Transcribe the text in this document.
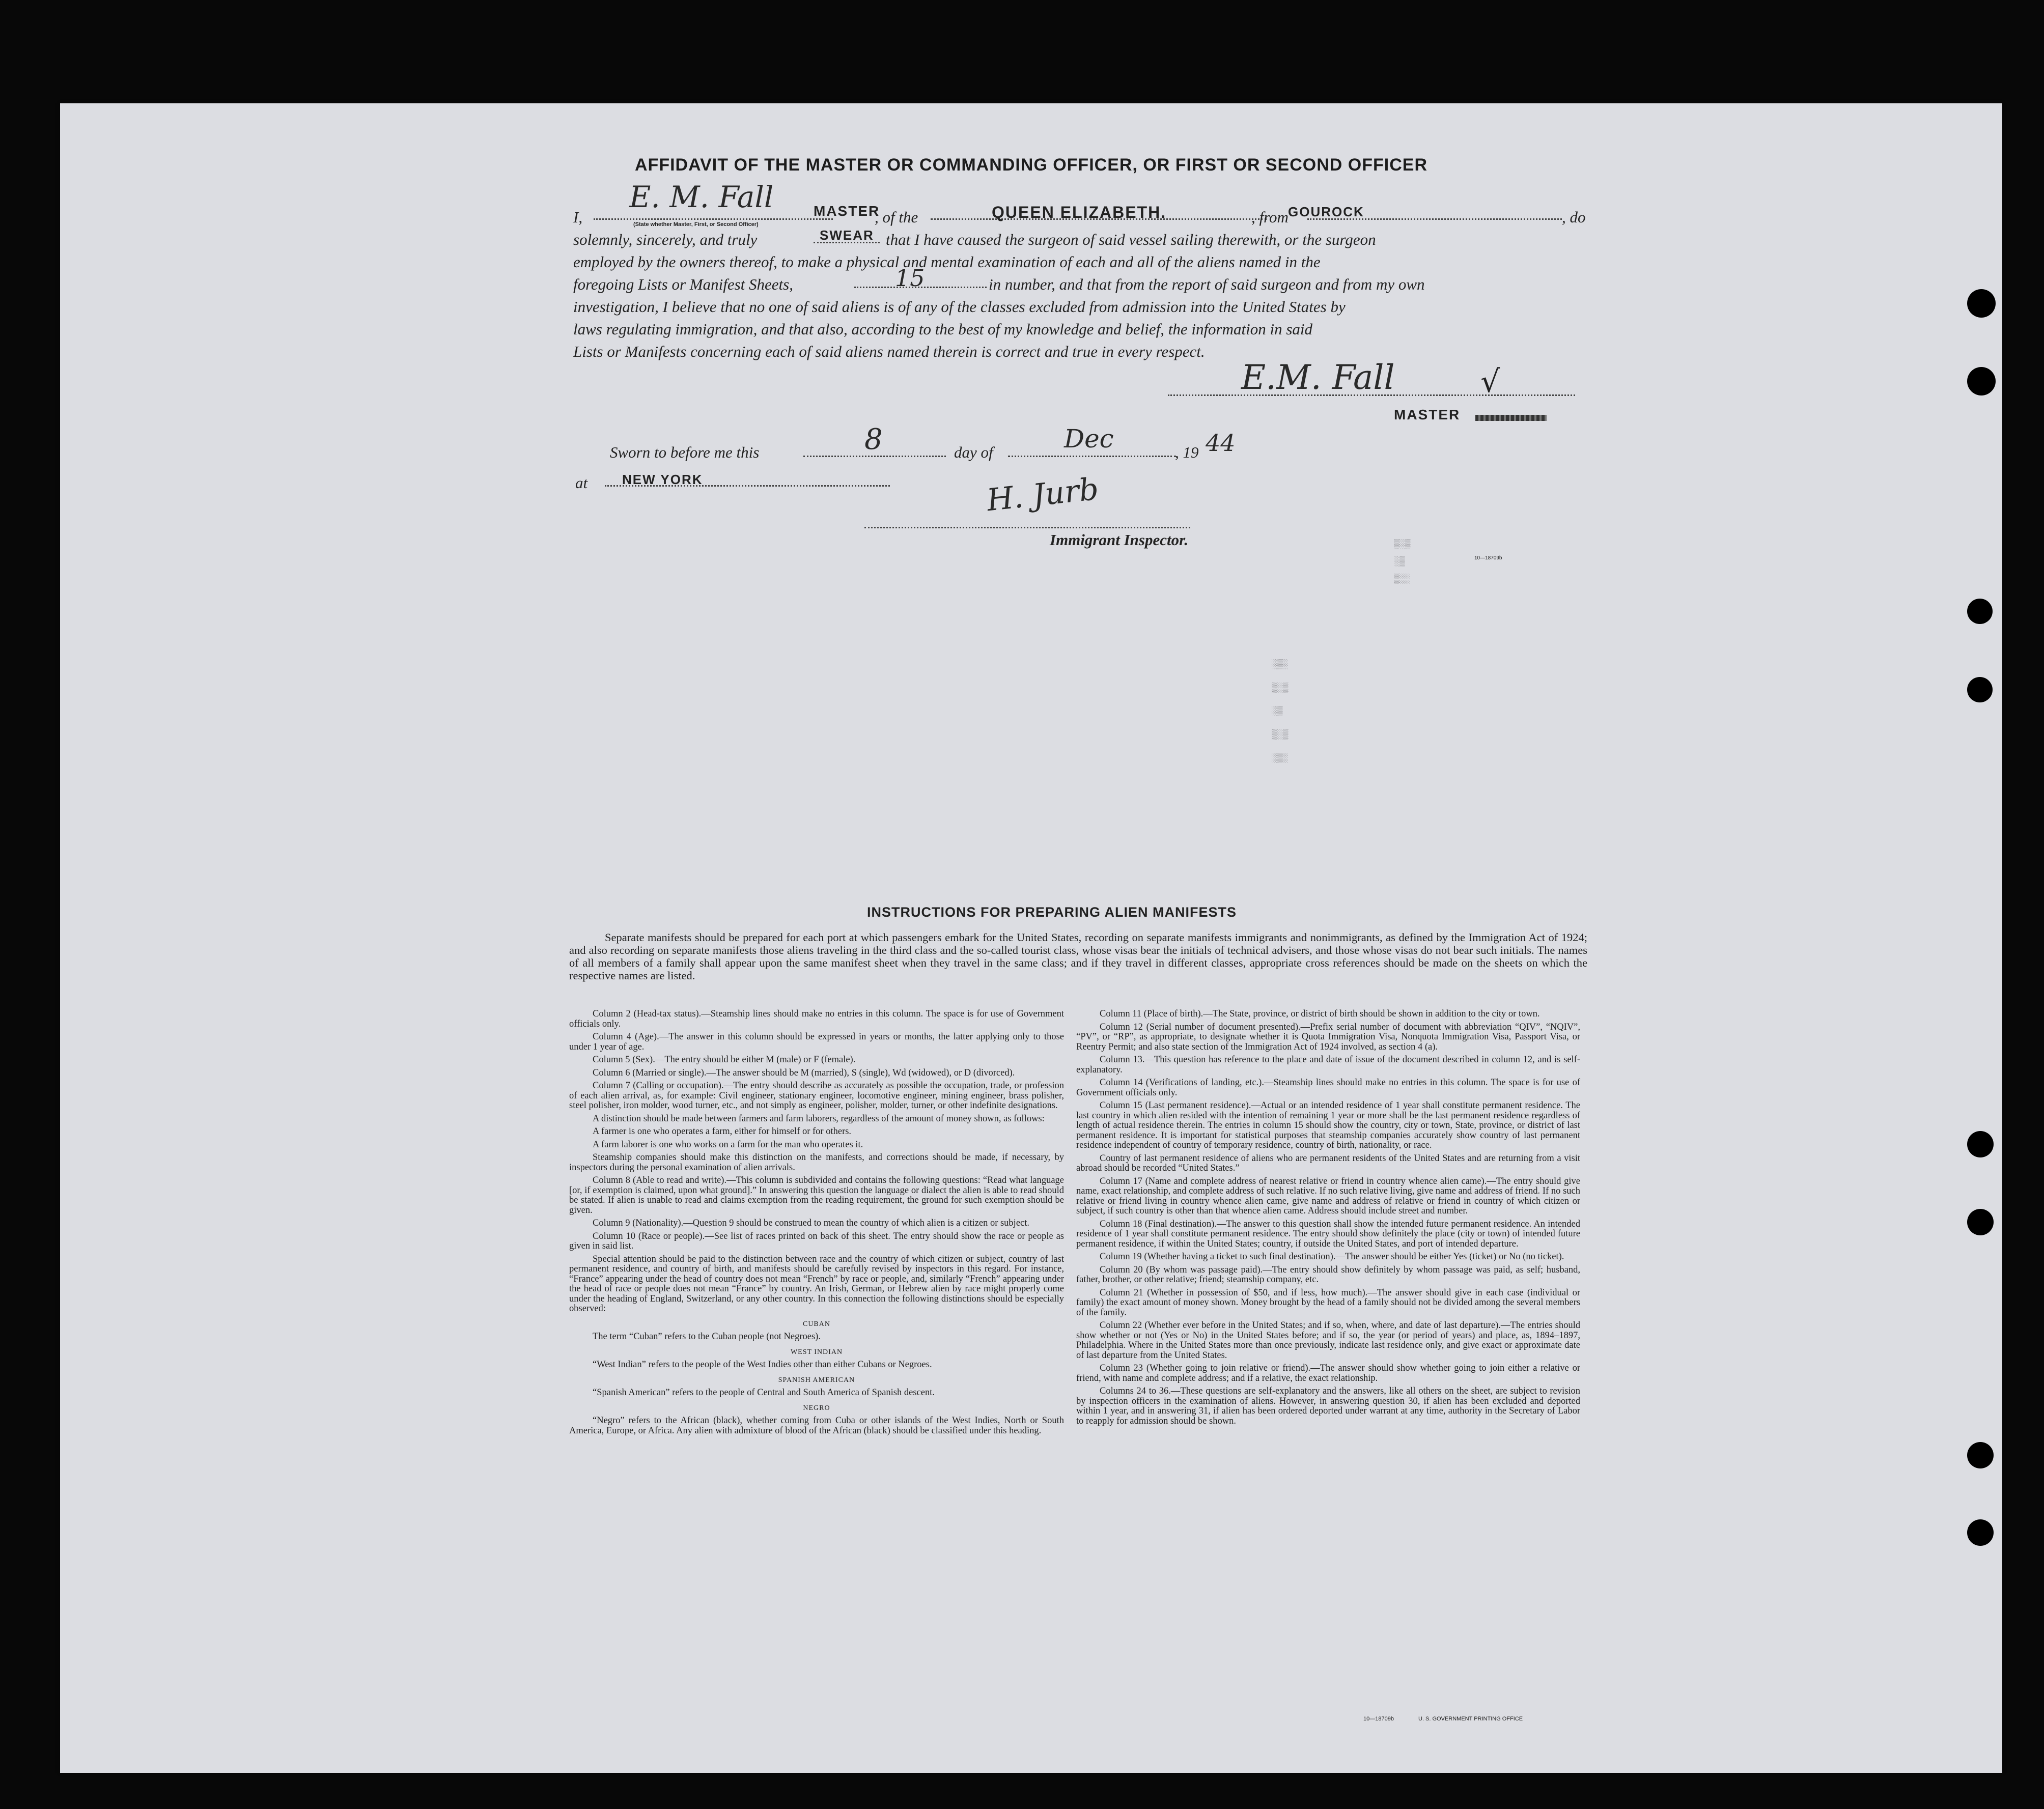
AFFIDAVIT OF THE MASTER OR COMMANDING OFFICER, OR FIRST OR SECOND OFFICER
I,
E. M. Fall	MASTER
(State whether Master, First, or Second Officer)	, of the	QUEEN ELIZABETH.	, from GOUROCK	, do
solemnly, sincerely, and truly	SWEAR that I have caused the surgeon of said vessel sailing therewith, or the surgeon
employed by the owners thereof, to make a physical and mental examination of each and all of the aliens named in the
foregoing Lists or Manifest Sheets,	15	in number, and that from the report of said surgeon and from my own
investigation, I believe that no one of said aliens is of any of the classes excluded from admission into the United States by
laws regulating immigration, and that also, according to the best of my knowledge and belief, the information in said
Lists or Manifests concerning each of said aliens named therein is correct and true in every respect.
E.M. Fall	√
MASTER
Sworn to before me this	8	day of	Dec	, 19 44
at	NEW YORK	H. Jurb
Immigrant Inspector.
10—18709b
▒░▒
░▒
▒░░
░▒░
▒░▒
░▒
▒░▒
░▒░
INSTRUCTIONS FOR PREPARING ALIEN MANIFESTS
Separate manifests should be prepared for each port at which passengers embark for the United States, recording on separate manifests immigrants and nonimmigrants, as defined by the Immigration Act of 1924; and also recording on separate manifests those aliens traveling in the third class and the so-called tourist class, whose visas bear the initials of technical advisers, and those whose visas do not bear such initials. The names of all members of a family shall appear upon the same manifest sheet when they travel in the same class; and if they travel in different classes, appropriate cross references should be made on the sheets on which the respective names are listed.

Column 2 (Head-tax status).—Steamship lines should make no entries in this column. The space is for use of Government officials only.

Column 4 (Age).—The answer in this column should be expressed in years or months, the latter applying only to those under 1 year of age.

Column 5 (Sex).—The entry should be either M (male) or F (female).

Column 6 (Married or single).—The answer should be M (married), S (single), Wd (widowed), or D (divorced).

Column 7 (Calling or occupation).—The entry should describe as accurately as possible the occupation, trade, or profession of each alien arrival, as, for example: Civil engineer, stationary engineer, locomotive engineer, mining engineer, brass polisher, steel polisher, iron molder, wood turner, etc., and not simply as engineer, polisher, molder, turner, or other indefinite designations.

A distinction should be made between farmers and farm laborers, regardless of the amount of money shown, as follows:

A farmer is one who operates a farm, either for himself or for others.

A farm laborer is one who works on a farm for the man who operates it.

Steamship companies should make this distinction on the manifests, and corrections should be made, if necessary, by inspectors during the personal examination of alien arrivals.

Column 8 (Able to read and write).—This column is subdivided and contains the following questions: “Read what language [or, if exemption is claimed, upon what ground].” In answering this question the language or dialect the alien is able to read should be stated. If alien is unable to read and claims exemption from the reading requirement, the ground for such exemption should be given.

Column 9 (Nationality).—Question 9 should be construed to mean the country of which alien is a citizen or subject.

Column 10 (Race or people).—See list of races printed on back of this sheet. The entry should show the race or people as given in said list.

Special attention should be paid to the distinction between race and the country of which citizen or subject, country of last permanent residence, and country of birth, and manifests should be carefully revised by inspectors in this regard. For instance, “France” appearing under the head of country does not mean “French” by race or people, and, similarly “French” appearing under the head of race or people does not mean “France” by country. An Irish, German, or Hebrew alien by race might properly come under the heading of England, Switzerland, or any other country. In this connection the following distinctions should be especially observed:

CUBAN

The term “Cuban” refers to the Cuban people (not Negroes).

WEST INDIAN

“West Indian” refers to the people of the West Indies other than either Cubans or Negroes.

SPANISH AMERICAN

“Spanish American” refers to the people of Central and South America of Spanish descent.

NEGRO

“Negro” refers to the African (black), whether coming from Cuba or other islands of the West Indies, North or South America, Europe, or Africa. Any alien with admixture of blood of the African (black) should be classified under this heading.

Column 11 (Place of birth).—The State, province, or district of birth should be shown in addition to the city or town.

Column 12 (Serial number of document presented).—Prefix serial number of document with abbreviation “QIV”, “NQIV”, “PV”, or “RP”, as appropriate, to designate whether it is Quota Immigration Visa, Nonquota Immigration Visa, Passport Visa, or Reentry Permit; and also state section of the Immigration Act of 1924 involved, as section 4 (a).

Column 13.—This question has reference to the place and date of issue of the document described in column 12, and is self-explanatory.

Column 14 (Verifications of landing, etc.).—Steamship lines should make no entries in this column. The space is for use of Government officials only.

Column 15 (Last permanent residence).—Actual or an intended residence of 1 year shall constitute permanent residence. The last country in which alien resided with the intention of remaining 1 year or more shall be the last permanent residence regardless of length of actual residence therein. The entries in column 15 should show the country, city or town, State, province, or district of last permanent residence. It is important for statistical purposes that steamship companies accurately show country of last permanent residence independent of country of temporary residence, country of birth, nationality, or race.

Country of last permanent residence of aliens who are permanent residents of the United States and are returning from a visit abroad should be recorded “United States.”

Column 17 (Name and complete address of nearest relative or friend in country whence alien came).—The entry should give name, exact relationship, and complete address of such relative. If no such relative living, give name and address of friend. If no such relative or friend living in country whence alien came, give name and address of relative or friend in country of which citizen or subject, if such country is other than that whence alien came. Address should include street and number.

Column 18 (Final destination).—The answer to this question shall show the intended future permanent residence. An intended residence of 1 year shall constitute permanent residence. The entry should show definitely the place (city or town) of intended future permanent residence, if within the United States; country, if outside the United States, and port of intended departure.

Column 19 (Whether having a ticket to such final destination).—The answer should be either Yes (ticket) or No (no ticket).

Column 20 (By whom was passage paid).—The entry should show definitely by whom passage was paid, as self; husband, father, brother, or other relative; friend; steamship company, etc.

Column 21 (Whether in possession of $50, and if less, how much).—The answer should give in each case (individual or family) the exact amount of money shown. Money brought by the head of a family should not be divided among the several members of the family.

Column 22 (Whether ever before in the United States; and if so, when, where, and date of last departure).—The entries should show whether or not (Yes or No) in the United States before; and if so, the year (or period of years) and place, as, 1894–1897, Philadelphia. Where in the United States more than once previously, indicate last residence only, and give exact or approximate date of last departure from the United States.

Column 23 (Whether going to join relative or friend).—The answer should show whether going to join either a relative or friend, with name and complete address; and if a relative, the exact relationship.

Columns 24 to 36.—These questions are self-explanatory and the answers, like all others on the sheet, are subject to revision by inspection officers in the examination of aliens. However, in answering question 30, if alien has been excluded and deported within 1 year, and in answering 31, if alien has been ordered deported under warrant at any time, authority in the Secretary of Labor to reapply for admission should be shown.

10—18709b	U. S. GOVERNMENT PRINTING OFFICE
